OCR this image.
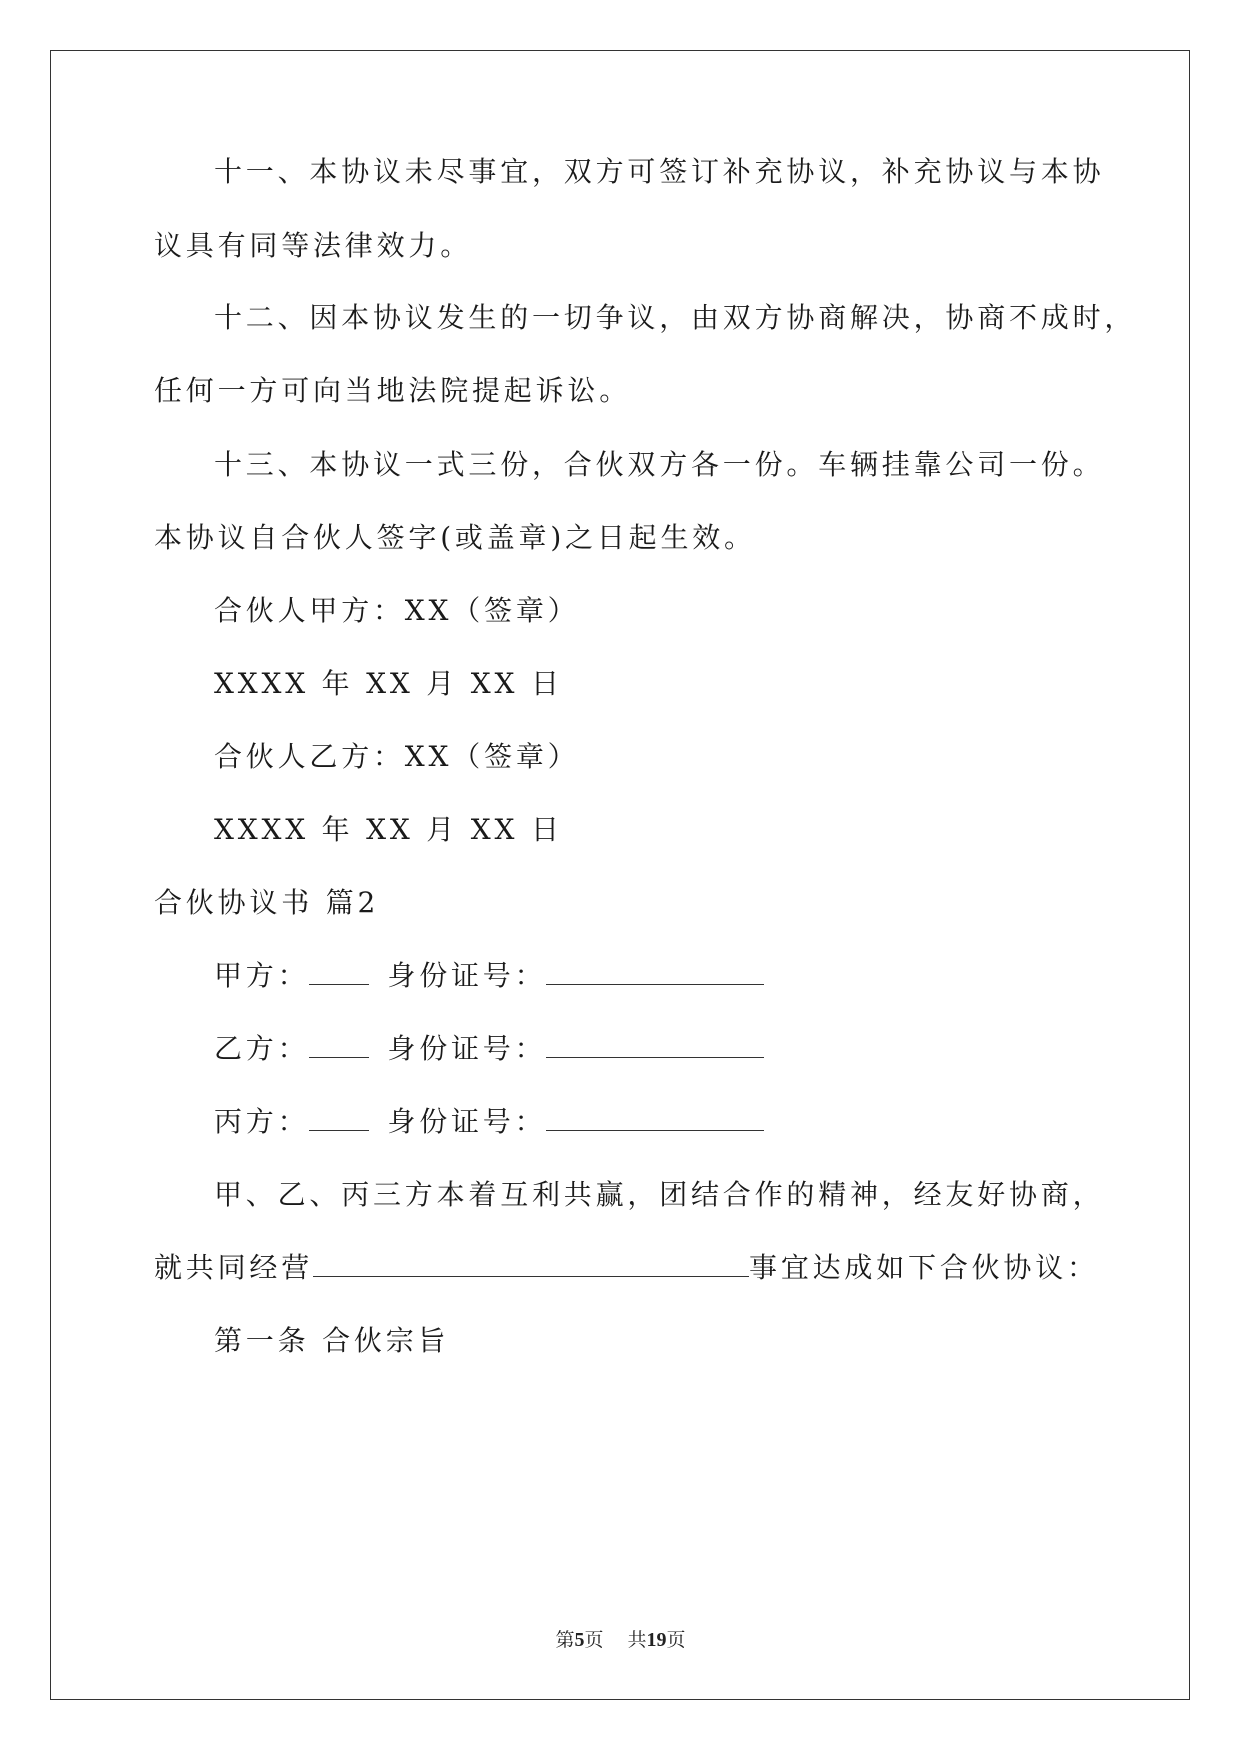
十一、本协议未尽事宜，双方可签订补充协议，补充协议与本协
议具有同等法律效力。
十二、因本协议发生的一切争议，由双方协商解决，协商不成时，
任何一方可向当地法院提起诉讼。
十三、本协议一式三份，合伙双方各一份。车辆挂靠公司一份。
本协议自合伙人签字(或盖章)之日起生效。
合伙人甲方：XX（签章）
XXXX 年 XX 月 XX 日
合伙人乙方：XX（签章）
XXXX 年 XX 月 XX 日
合伙协议书 篇2
甲方：	身份证号：
乙方：	身份证号：
丙方：	身份证号：
甲、乙、丙三方本着互利共赢，团结合作的精神，经友好协商，
就共同经营	事宜达成如下合伙协议：
第一条 合伙宗旨
第5页 共19页
